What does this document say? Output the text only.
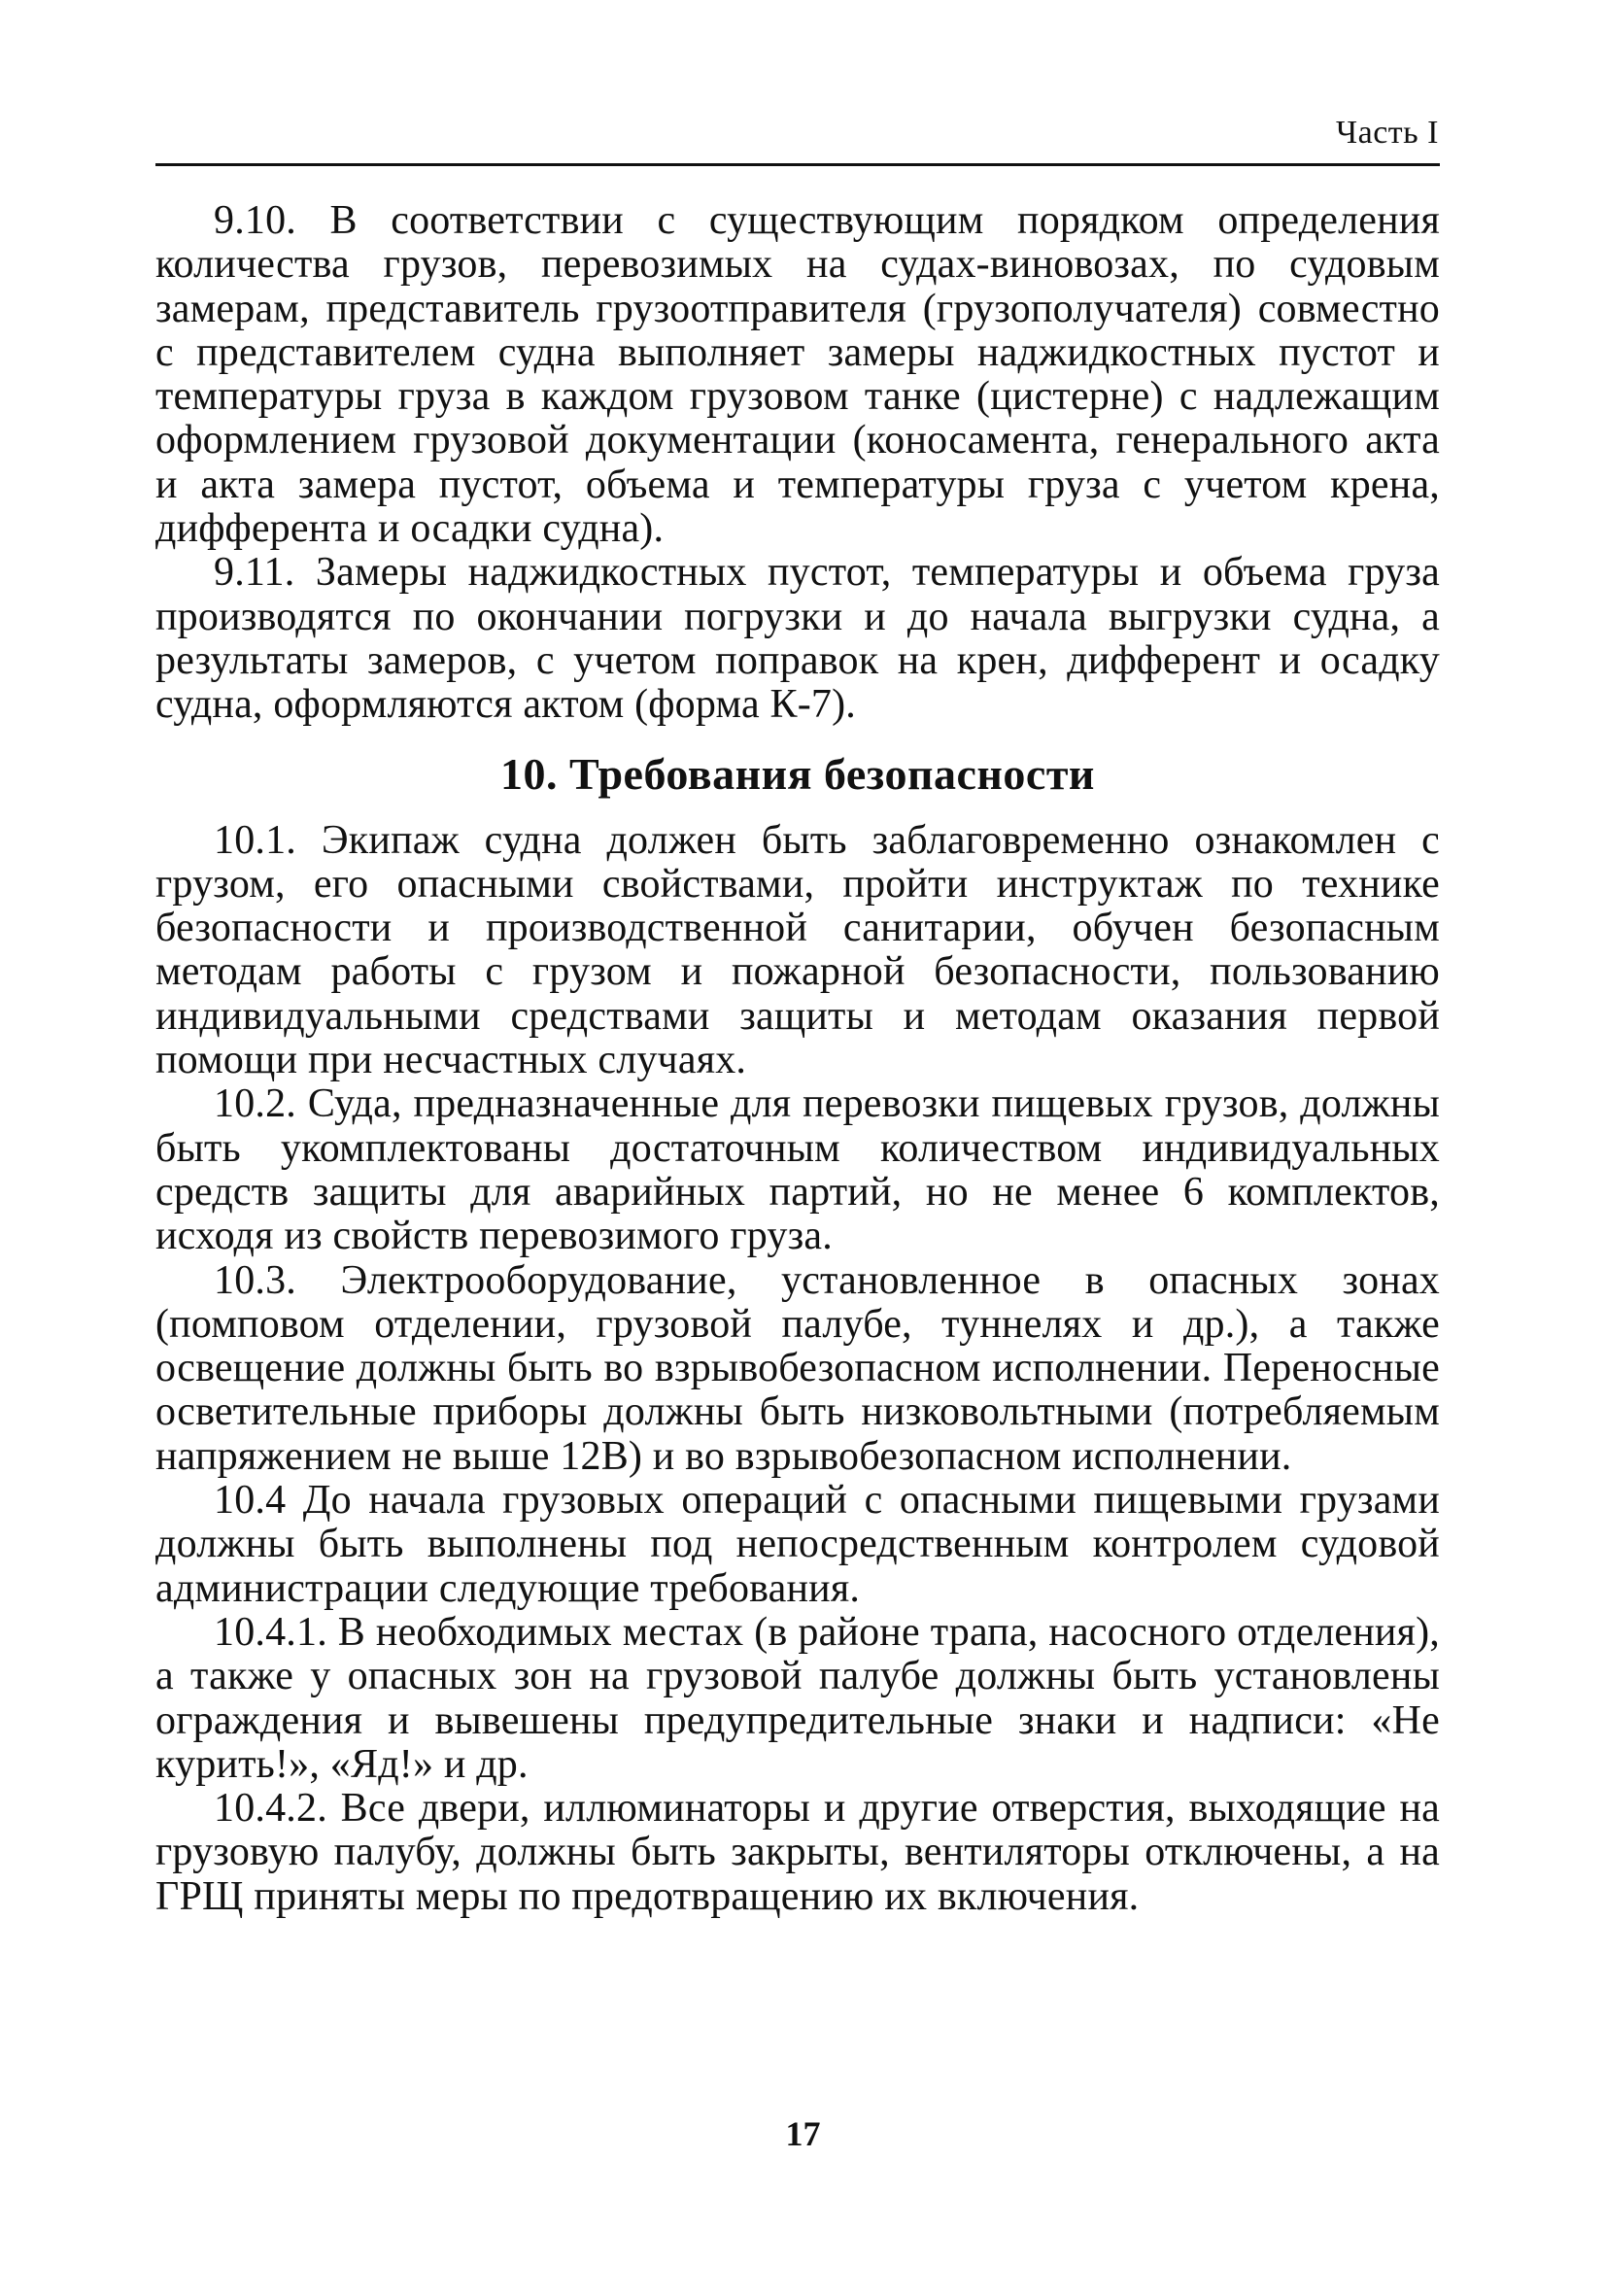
Часть I

9.10. В соответствии с существующим порядком определения количества грузов, перевозимых на судах-виновозах, по судовым замерам, представитель грузоотправителя (грузополучателя) совместно с представителем судна выполняет замеры наджидкостных пустот и температуры груза в каждом грузовом танке (цистерне) с надлежащим оформлением грузовой документации (коносамента, генерального акта и акта замера пустот, объема и температуры груза с учетом крена, дифферента и осадки судна).

9.11. Замеры наджидкостных пустот, температуры и объема груза производятся по окончании погрузки и до начала выгрузки судна, а результаты замеров, с учетом поправок на крен, дифферент и осадку судна, оформляются актом (форма К-7).

10. Требования безопасности

10.1. Экипаж судна должен быть заблаговременно ознакомлен с грузом, его опасными свойствами, пройти инструктаж по технике безопасности и производственной санитарии, обучен безопасным методам работы с грузом и пожарной безопасности, пользованию индивидуальными средствами защиты и методам оказания первой помощи при несчастных случаях.

10.2. Суда, предназначенные для перевозки пищевых грузов, должны быть укомплектованы достаточным количеством индивидуальных средств защиты для аварийных партий, но не менее 6 комплектов, исходя из свойств перевозимого груза.

10.3. Электрооборудование, установленное в опасных зонах (помповом отделении, грузовой палубе, туннелях и др.), а также освещение должны быть во взрывобезопасном исполнении. Переносные осветительные приборы должны быть низковольтными (потребляемым напряжением не выше 12В) и во взрывобезопасном исполнении.

10.4 До начала грузовых операций с опасными пищевыми грузами должны быть выполнены под непосредственным контролем судовой администрации следующие требования.

10.4.1. В необходимых местах (в районе трапа, насосного отделения), а также у опасных зон на грузовой палубе должны быть установлены ограждения и вывешены предупредительные знаки и надписи: «Не курить!», «Яд!» и др.

10.4.2. Все двери, иллюминаторы и другие отверстия, выходящие на грузовую палубу, должны быть закрыты, вентиляторы отключены, а на ГРЩ приняты меры по предотвращению их включения.

17
